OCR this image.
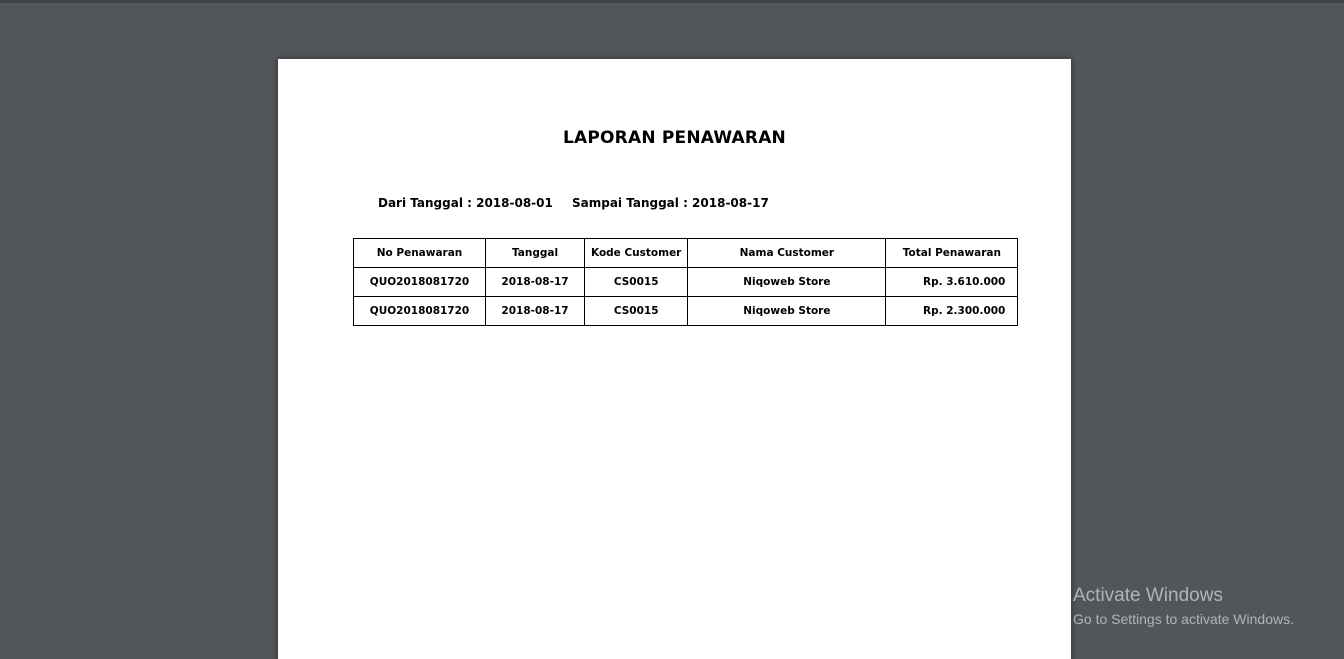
LAPORAN PENAWARAN
Dari Tanggal : 2018-08-01 Sampai Tanggal : 2018-08-17
No Penawaran	Tanggal	Kode Customer	Nama Customer	Total Penawaran
QUO2018081720	2018-08-17	CS0015	Niqoweb Store	Rp. 3.610.000
QUO2018081720	2018-08-17	CS0015	Niqoweb Store	Rp. 2.300.000
Activate Windows
Go to Settings to activate Windows.
